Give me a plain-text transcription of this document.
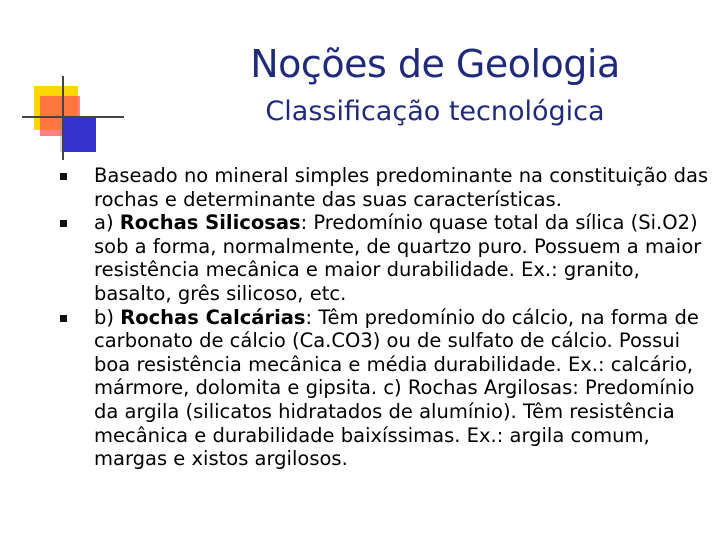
Noções de Geologia
Classificação tecnológica
Baseado no mineral simples predominante na constituição das rochas e determinante das suas características.
a) Rochas Silicosas: Predomínio quase total da sílica (Si.O2) sob a forma, normalmente, de quartzo puro. Possuem a maior resistência mecânica e maior durabilidade. Ex.: granito, basalto, grês silicoso, etc.
b) Rochas Calcárias: Têm predomínio do cálcio, na forma de carbonato de cálcio (Ca.CO3) ou de sulfato de cálcio. Possui boa resistência mecânica e média durabilidade. Ex.: calcário, mármore, dolomita e gipsita. c) Rochas Argilosas: Predomínio da argila (silicatos hidratados de alumínio). Têm resistência mecânica e durabilidade baixíssimas. Ex.: argila comum, margas e xistos argilosos.
